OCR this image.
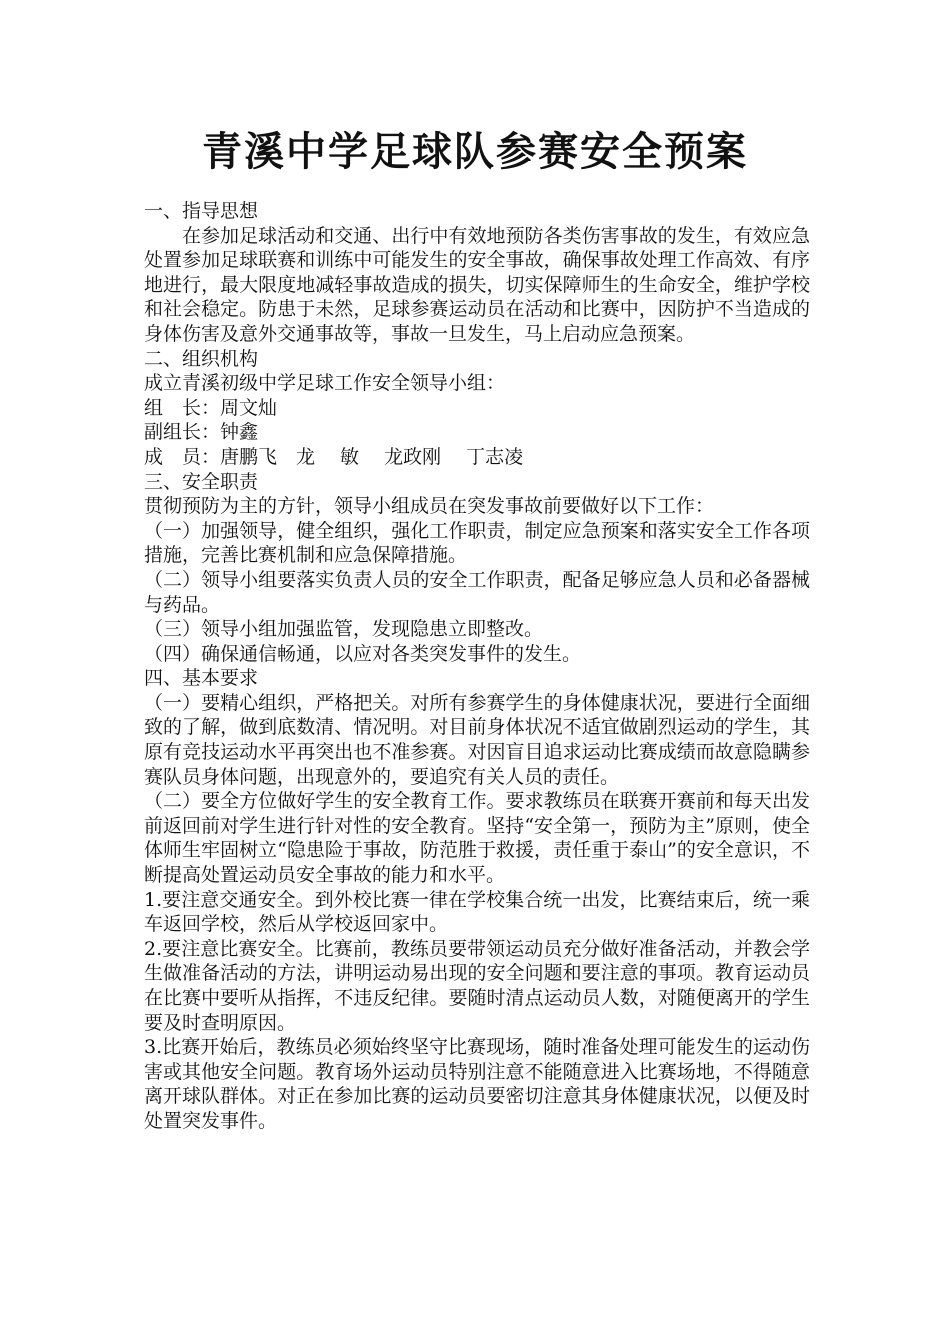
青溪中学足球队参赛安全预案

一、指导思想

在参加足球活动和交通、出行中有效地预防各类伤害事故的发生，有效应急处置参加足球联赛和训练中可能发生的安全事故，确保事故处理工作高效、有序地进行，最大限度地减轻事故造成的损失，切实保障师生的生命安全，维护学校和社会稳定。防患于未然，足球参赛运动员在活动和比赛中，因防护不当造成的身体伤害及意外交通事故等，事故一旦发生，马上启动应急预案。

二、组织机构

成立青溪初级中学足球工作安全领导小组：

组　长：周文灿

副组长：钟鑫

成　员：唐鹏飞　龙　 敏　 龙政刚　 丁志凌

三、安全职责

贯彻预防为主的方针，领导小组成员在突发事故前要做好以下工作：

（一）加强领导，健全组织，强化工作职责，制定应急预案和落实安全工作各项措施，完善比赛机制和应急保障措施。

（二）领导小组要落实负责人员的安全工作职责，配备足够应急人员和必备器械与药品。

（三）领导小组加强监管，发现隐患立即整改。

（四）确保通信畅通，以应对各类突发事件的发生。

四、基本要求

（一）要精心组织，严格把关。对所有参赛学生的身体健康状况，要进行全面细致的了解，做到底数清、情况明。对目前身体状况不适宜做剧烈运动的学生，其原有竞技运动水平再突出也不准参赛。对因盲目追求运动比赛成绩而故意隐瞒参赛队员身体问题，出现意外的，要追究有关人员的责任。

（二）要全方位做好学生的安全教育工作。要求教练员在联赛开赛前和每天出发前返回前对学生进行针对性的安全教育。坚持“安全第一，预防为主”原则，使全体师生牢固树立“隐患险于事故，防范胜于救援，责任重于泰山”的安全意识，不断提高处置运动员安全事故的能力和水平。

1.要注意交通安全。到外校比赛一律在学校集合统一出发，比赛结束后，统一乘车返回学校，然后从学校返回家中。

2.要注意比赛安全。比赛前，教练员要带领运动员充分做好准备活动，并教会学生做准备活动的方法，讲明运动易出现的安全问题和要注意的事项。教育运动员在比赛中要听从指挥，不违反纪律。要随时清点运动员人数，对随便离开的学生要及时查明原因。

3.比赛开始后，教练员必须始终坚守比赛现场，随时准备处理可能发生的运动伤害或其他安全问题。教育场外运动员特别注意不能随意进入比赛场地，不得随意离开球队群体。对正在参加比赛的运动员要密切注意其身体健康状况，以便及时处置突发事件。
